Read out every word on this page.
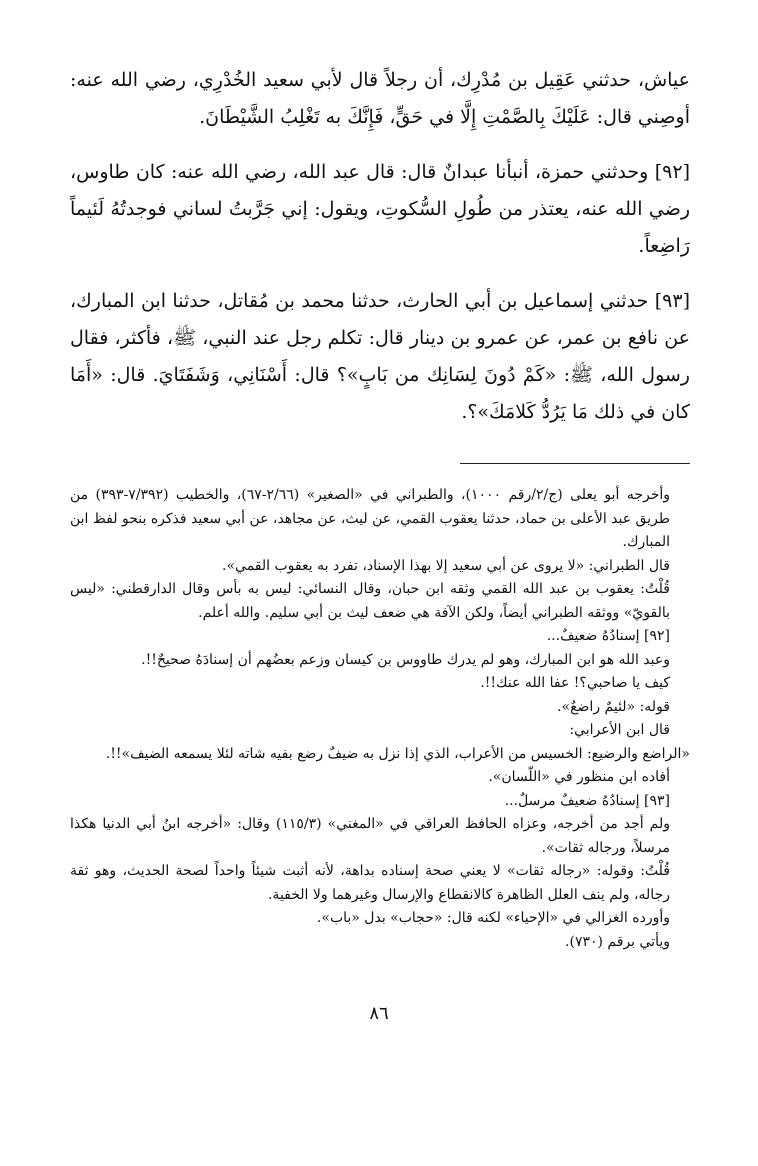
عياش، حدثني عَقِيل بن مُدْرِك، أن رجلاً قال لأبي سعيد الخُدْرِي، رضي الله عنه: أوصِني قال: عَلَيْكَ بِالصَّمْتِ إِلَّا في حَقٍّ، فَإِنَّكَ به تَغْلِبُ الشَّيْطَانَ.

[٩٢] وحدثني حمزة، أنبأنا عبدانٌ قال: قال عبد الله، رضي الله عنه: كان طاوس، رضي الله عنه، يعتذر من طُولِ السُّكوتِ، ويقول: إني جَرَّبتُ لساني فوجدتُهُ لَئيماً رَاضِعاً.

[٩٣] حدثني إسماعيل بن أبي الحارث، حدثنا محمد بن مُقاتل، حدثنا ابن المبارك، عن نافع بن عمر، عن عمرو بن دينار قال: تكلم رجل عند النبي، ﷺ، فأكثر، فقال رسول الله، ﷺ: «كَمْ دُونَ لِسَانِك من بَابٍ»؟ قال: أَسْنَانِي، وَشَفَتَايَ. قال: «أَمَا كان في ذلك مَا يَرُدُّ كَلامَكَ»؟.

وأخرجه أبو يعلى (ج/٢/رقم ١٠٠٠)، والطبراني في «الصغير» (٢/٦٦-٦٧)، والخطيب (٧/٣٩٢-٣٩٣) من طريق عبد الأعلى بن حماد، حدثنا يعقوب القمي، عن ليث، عن مجاهد، عن أبي سعيد فذكره بنحو لفظ ابن المبارك.

قال الطبراني: «لا يروى عن أبي سعيد إلا بهذا الإسناد، تفرد به يعقوب القمي».

قُلْتُ: يعقوب بن عبد الله القمي وثقه ابن حبان، وقال النسائي: ليس به بأس وقال الدارقطني: «ليس بالقويّ» ووثقه الطبراني أيضاً، ولكن الآفة هي ضعف ليث بن أبي سليم. والله أعلم.

[٩٢] إسنادُهُ ضعيفٌ...

وعبد الله هو ابن المبارك، وهو لم يدرك طاووس بن كيسان وزعم بعضُهم أن إسنادَهُ صحيحٌ!!.

كيف يا صاحبي؟! عفا الله عنك!!.

قوله: «لئيمٌ راضعٌ».

قال ابن الأعرابي:

«الراضع والرضيع: الخسيس من الأعراب، الذي إذا نزل به ضيفٌ رضع بفيه شاته لئلا يسمعه الضيف»!!.

أفاده ابن منظور في «اللّسان».

[٩٣] إسنادُهُ ضعيفٌ مرسلٌ...

ولم أجد من أخرجه، وعزاه الحافظ العراقي في «المغني» (١١٥/٣) وقال: «أخرجه ابنُ أبي الدنيا هكذا مرسلاً، ورجاله ثقات».

قُلْتُ: وقوله: «رجاله ثقات» لا يعني صحة إسناده بداهة، لأنه أثبت شيئاً واحداً لصحة الحديث، وهو ثقة رجاله، ولم ينف العلل الظاهرة كالانقطاع والإرسال وغيرهما ولا الخفية.

وأورده الغزالي في «الإحياء» لكنه قال: «حجاب» بدل «باب».

ويأتي برقم (٧٣٠).

٨٦
